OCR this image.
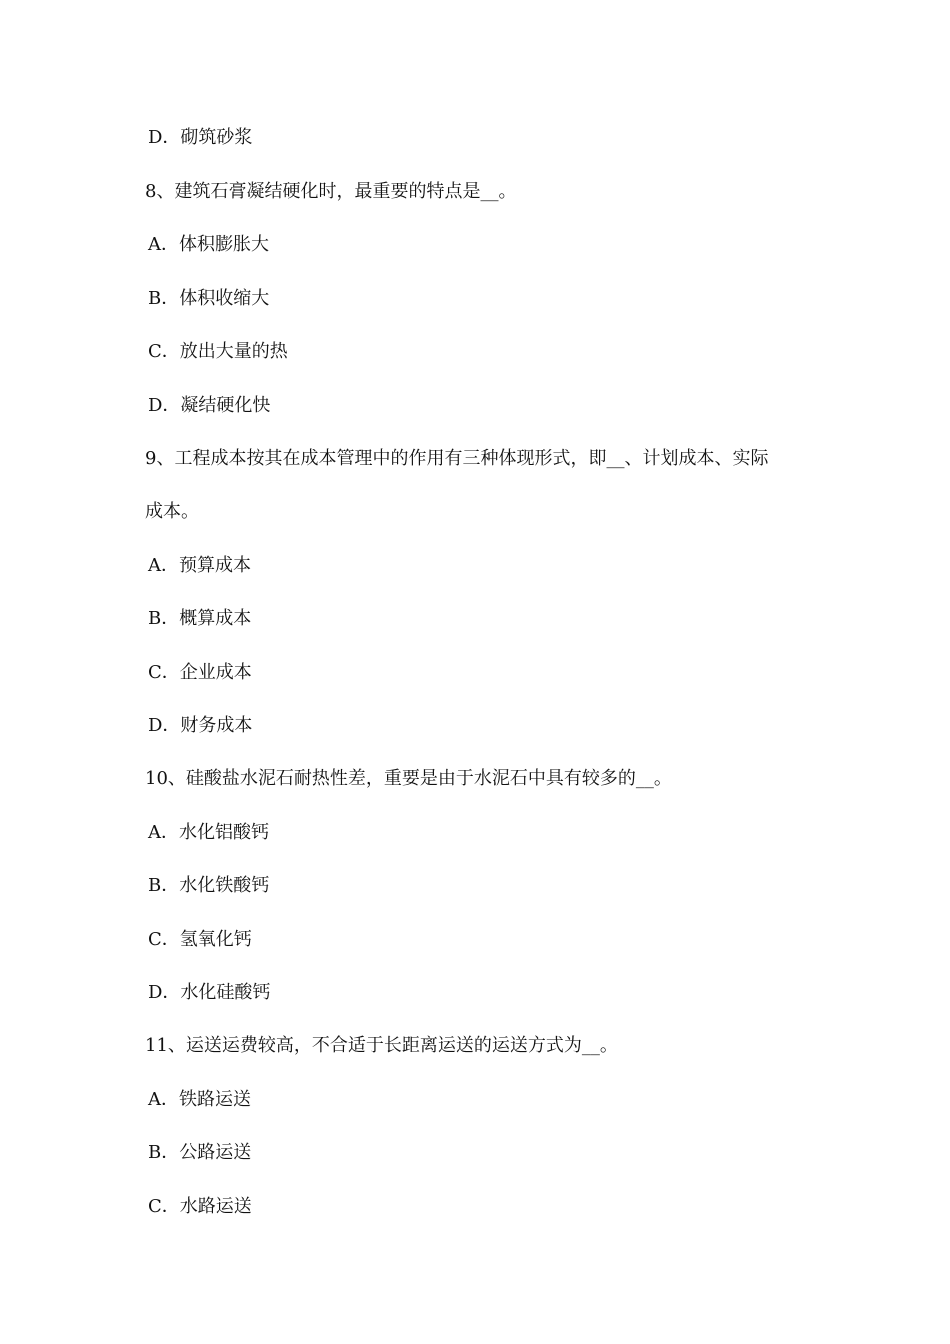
D．砌筑砂浆
8、建筑石膏凝结硬化时，最重要的特点是__。
A．体积膨胀大
B．体积收缩大
C．放出大量的热
D．凝结硬化快
9、工程成本按其在成本管理中的作用有三种体现形式，即__、计划成本、实际
成本。
A．预算成本
B．概算成本
C．企业成本
D．财务成本
10、硅酸盐水泥石耐热性差，重要是由于水泥石中具有较多的__。
A．水化铝酸钙
B．水化铁酸钙
C．氢氧化钙
D．水化硅酸钙
11、运送运费较高，不合适于长距离运送的运送方式为__。
A．铁路运送
B．公路运送
C．水路运送
